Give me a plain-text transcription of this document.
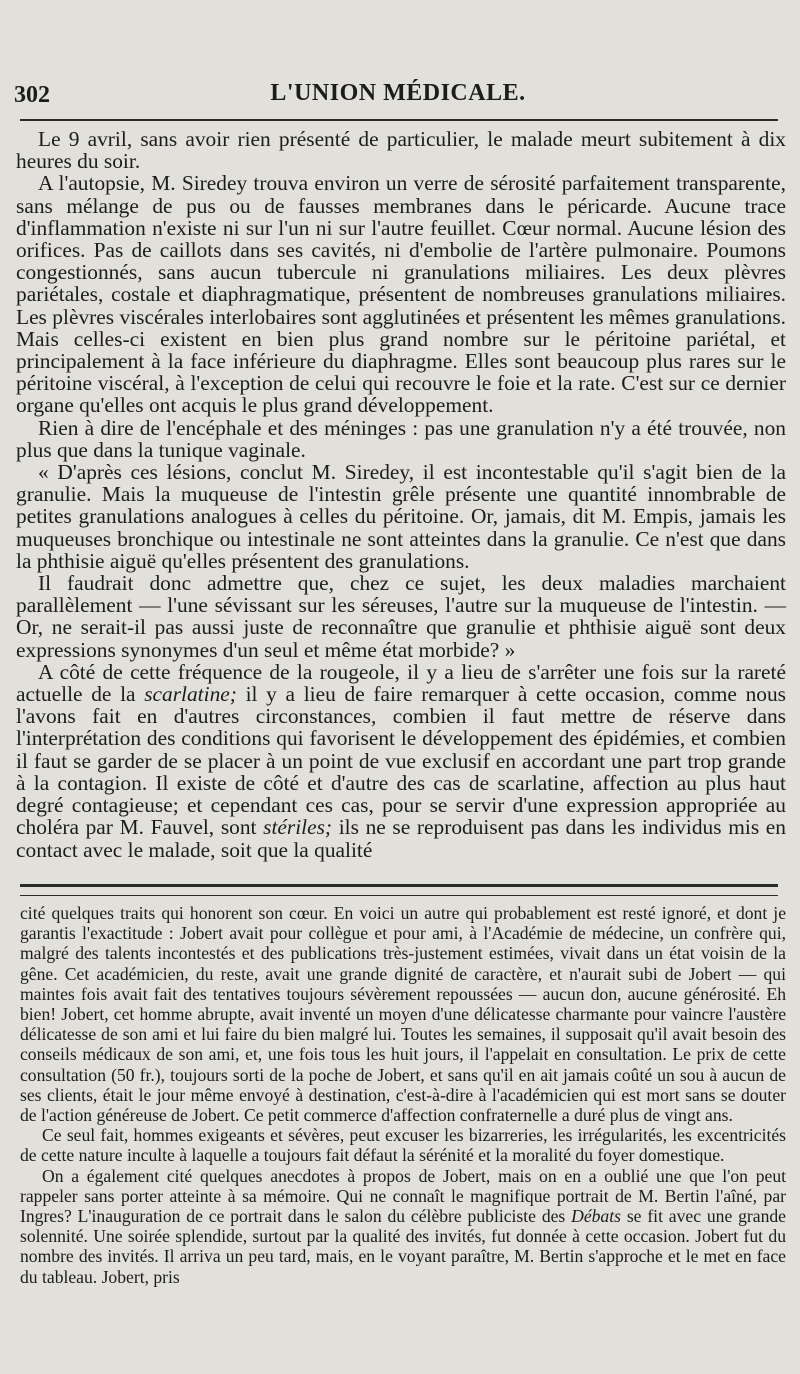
302	L'UNION MÉDICALE.

Le 9 avril, sans avoir rien présenté de particulier, le malade meurt subitement à dix heures du soir.

A l'autopsie, M. Siredey trouva environ un verre de sérosité parfaitement transparente, sans mélange de pus ou de fausses membranes dans le péricarde. Aucune trace d'inflammation n'existe ni sur l'un ni sur l'autre feuillet. Cœur normal. Aucune lésion des orifices. Pas de caillots dans ses cavités, ni d'embolie de l'artère pulmonaire. Poumons congestionnés, sans aucun tubercule ni granulations miliaires. Les deux plèvres pariétales, costale et diaphragmatique, présentent de nombreuses granulations miliaires. Les plèvres viscérales interlobaires sont agglutinées et présentent les mêmes granulations. Mais celles-ci existent en bien plus grand nombre sur le péritoine pariétal, et principalement à la face inférieure du diaphragme. Elles sont beaucoup plus rares sur le péritoine viscéral, à l'exception de celui qui recouvre le foie et la rate. C'est sur ce dernier organe qu'elles ont acquis le plus grand développement.

Rien à dire de l'encéphale et des méninges : pas une granulation n'y a été trouvée, non plus que dans la tunique vaginale.

« D'après ces lésions, conclut M. Siredey, il est incontestable qu'il s'agit bien de la granulie. Mais la muqueuse de l'intestin grêle présente une quantité innombrable de petites granulations analogues à celles du péritoine. Or, jamais, dit M. Empis, jamais les muqueuses bronchique ou intestinale ne sont atteintes dans la granulie. Ce n'est que dans la phthisie aiguë qu'elles présentent des granulations.

Il faudrait donc admettre que, chez ce sujet, les deux maladies marchaient parallèlement — l'une sévissant sur les séreuses, l'autre sur la muqueuse de l'intestin. — Or, ne serait-il pas aussi juste de reconnaître que granulie et phthisie aiguë sont deux expressions synonymes d'un seul et même état morbide? »

A côté de cette fréquence de la rougeole, il y a lieu de s'arrêter une fois sur la rareté actuelle de la scarlatine; il y a lieu de faire remarquer à cette occasion, comme nous l'avons fait en d'autres circonstances, combien il faut mettre de réserve dans l'interprétation des conditions qui favorisent le développement des épidémies, et combien il faut se garder de se placer à un point de vue exclusif en accordant une part trop grande à la contagion. Il existe de côté et d'autre des cas de scarlatine, affection au plus haut degré contagieuse; et cependant ces cas, pour se servir d'une expression appropriée au choléra par M. Fauvel, sont stériles; ils ne se reproduisent pas dans les individus mis en contact avec le malade, soit que la qualité

cité quelques traits qui honorent son cœur. En voici un autre qui probablement est resté ignoré, et dont je garantis l'exactitude : Jobert avait pour collègue et pour ami, à l'Académie de médecine, un confrère qui, malgré des talents incontestés et des publications très-justement estimées, vivait dans un état voisin de la gêne. Cet académicien, du reste, avait une grande dignité de caractère, et n'aurait subi de Jobert — qui maintes fois avait fait des tentatives toujours sévèrement repoussées — aucun don, aucune générosité. Eh bien! Jobert, cet homme abrupte, avait inventé un moyen d'une délicatesse charmante pour vaincre l'austère délicatesse de son ami et lui faire du bien malgré lui. Toutes les semaines, il supposait qu'il avait besoin des conseils médicaux de son ami, et, une fois tous les huit jours, il l'appelait en consultation. Le prix de cette consultation (50 fr.), toujours sorti de la poche de Jobert, et sans qu'il en ait jamais coûté un sou à aucun de ses clients, était le jour même envoyé à destination, c'est-à-dire à l'académicien qui est mort sans se douter de l'action généreuse de Jobert. Ce petit commerce d'affection confraternelle a duré plus de vingt ans.

Ce seul fait, hommes exigeants et sévères, peut excuser les bizarreries, les irrégularités, les excentricités de cette nature inculte à laquelle a toujours fait défaut la sérénité et la moralité du foyer domestique.

On a également cité quelques anecdotes à propos de Jobert, mais on en a oublié une que l'on peut rappeler sans porter atteinte à sa mémoire. Qui ne connaît le magnifique portrait de M. Bertin l'aîné, par Ingres? L'inauguration de ce portrait dans le salon du célèbre publiciste des Débats se fit avec une grande solennité. Une soirée splendide, surtout par la qualité des invités, fut donnée à cette occasion. Jobert fut du nombre des invités. Il arriva un peu tard, mais, en le voyant paraître, M. Bertin s'approche et le met en face du tableau. Jobert, pris
